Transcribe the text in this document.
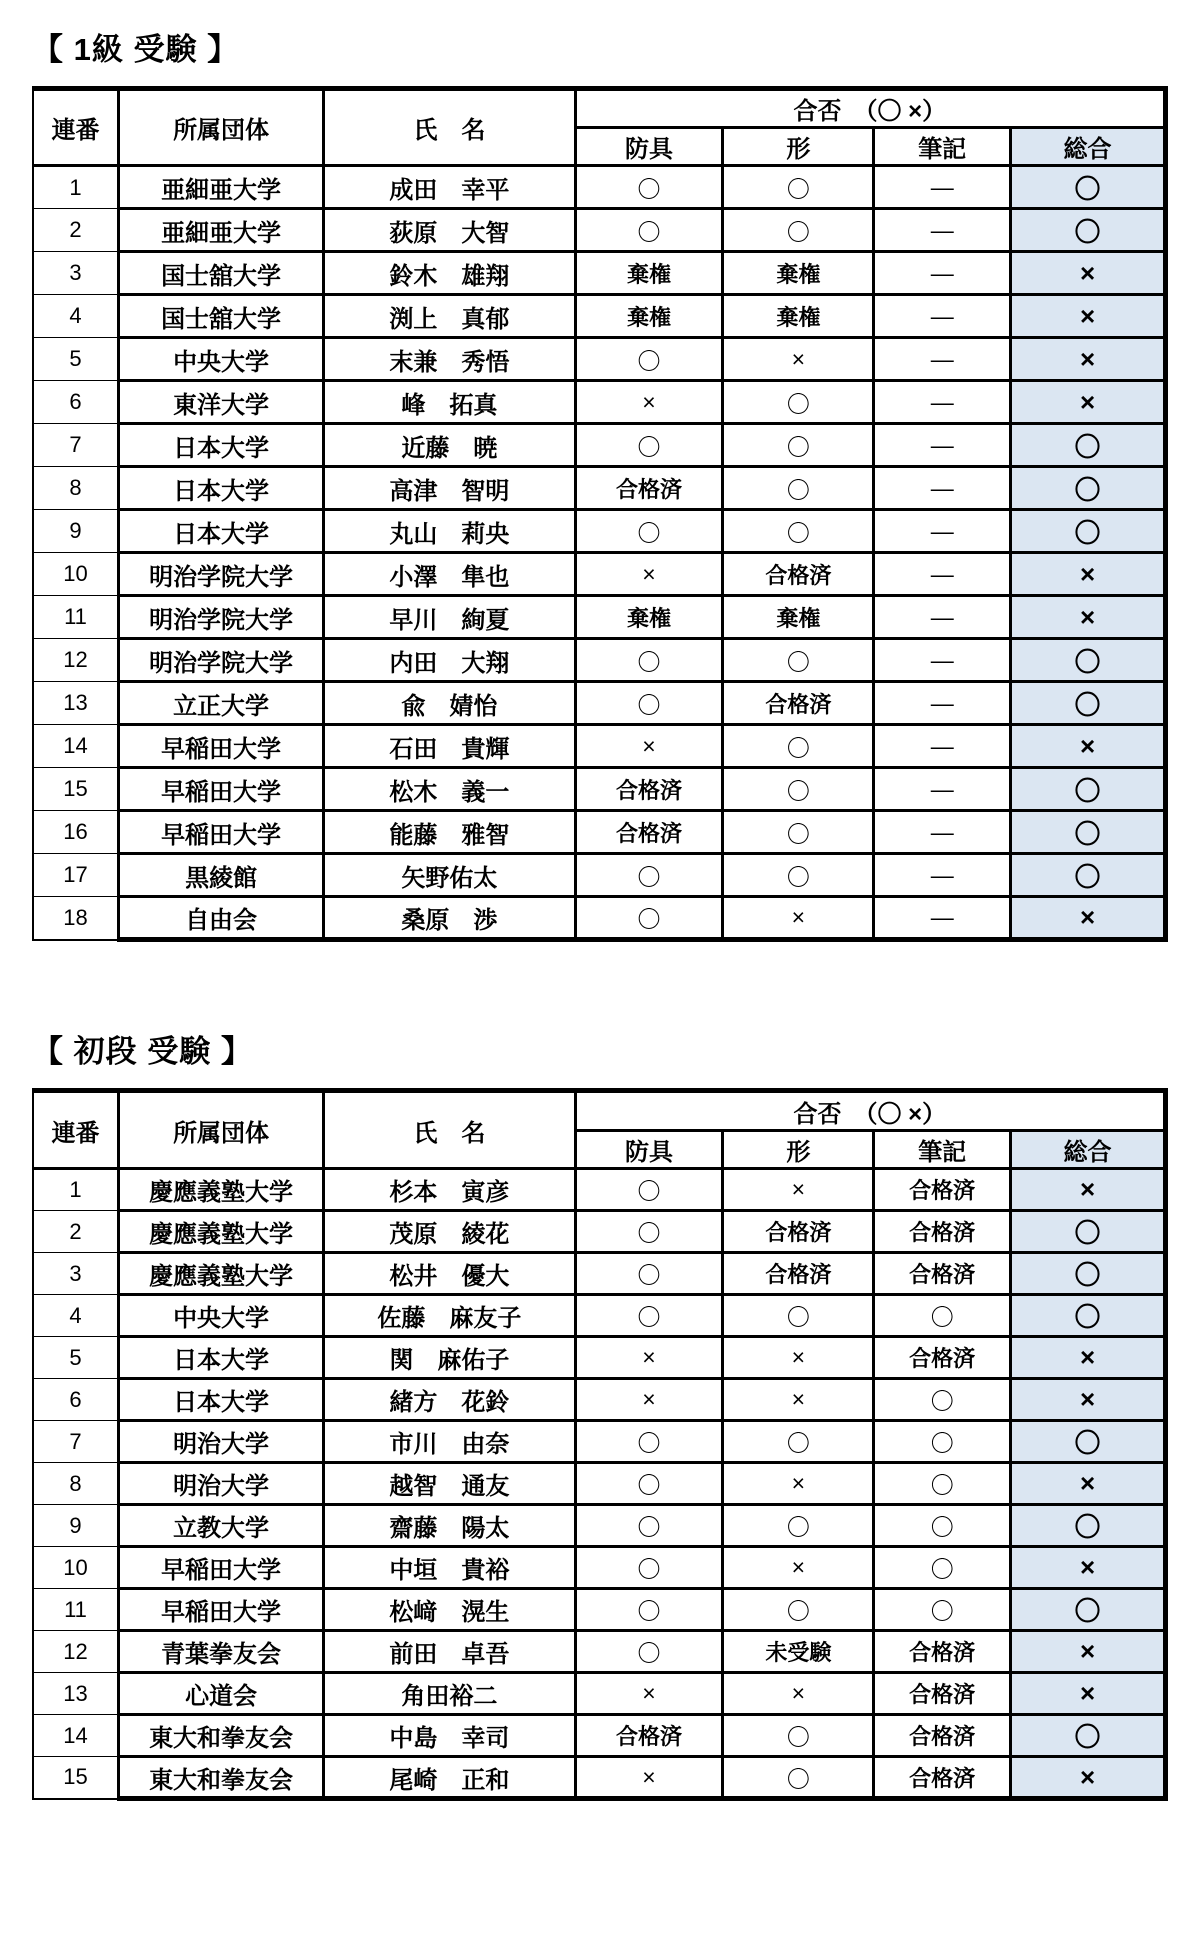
【 1級 受験 】
連番	所属団体	氏　名	合否　（〇 ×）			
			防具	形	筆記	総合
1	亜細亜大学	成田　幸平	〇	〇	—	〇
2	亜細亜大学	荻原　大智	〇	〇	—	〇
3	国士舘大学	鈴木　雄翔	棄権	棄権	—	×
4	国士舘大学	渕上　真郁	棄権	棄権	—	×
5	中央大学	末兼　秀悟	〇	×	—	×
6	東洋大学	峰　拓真	×	〇	—	×
7	日本大学	近藤　暁	〇	〇	—	〇
8	日本大学	高津　智明	合格済	〇	—	〇
9	日本大学	丸山　莉央	〇	〇	—	〇
10	明治学院大学	小澤　隼也	×	合格済	—	×
11	明治学院大学	早川　絢夏	棄権	棄権	—	×
12	明治学院大学	内田　大翔	〇	〇	—	〇
13	立正大学	兪　婧怡	〇	合格済	—	〇
14	早稲田大学	石田　貴輝	×	〇	—	×
15	早稲田大学	松木　義一	合格済	〇	—	〇
16	早稲田大学	能藤　雅智	合格済	〇	—	〇
17	黒綾館	矢野佑太	〇	〇	—	〇
18	自由会	桑原　渉	〇	×	—	×
【 初段 受験 】
連番	所属団体	氏　名	合否　（〇 ×）			
			防具	形	筆記	総合
1	慶應義塾大学	杉本　寅彦	〇	×	合格済	×
2	慶應義塾大学	茂原　綾花	〇	合格済	合格済	〇
3	慶應義塾大学	松井　優大	〇	合格済	合格済	〇
4	中央大学	佐藤　麻友子	〇	〇	〇	〇
5	日本大学	関　麻佑子	×	×	合格済	×
6	日本大学	緒方　花鈴	×	×	〇	×
7	明治大学	市川　由奈	〇	〇	〇	〇
8	明治大学	越智　通友	〇	×	〇	×
9	立教大学	齋藤　陽太	〇	〇	〇	〇
10	早稲田大学	中垣　貴裕	〇	×	〇	×
11	早稲田大学	松﨑　滉生	〇	〇	〇	〇
12	青葉拳友会	前田　卓吾	〇	未受験	合格済	×
13	心道会	角田裕二	×	×	合格済	×
14	東大和拳友会	中島　幸司	合格済	〇	合格済	〇
15	東大和拳友会	尾崎　正和	×	〇	合格済	×
